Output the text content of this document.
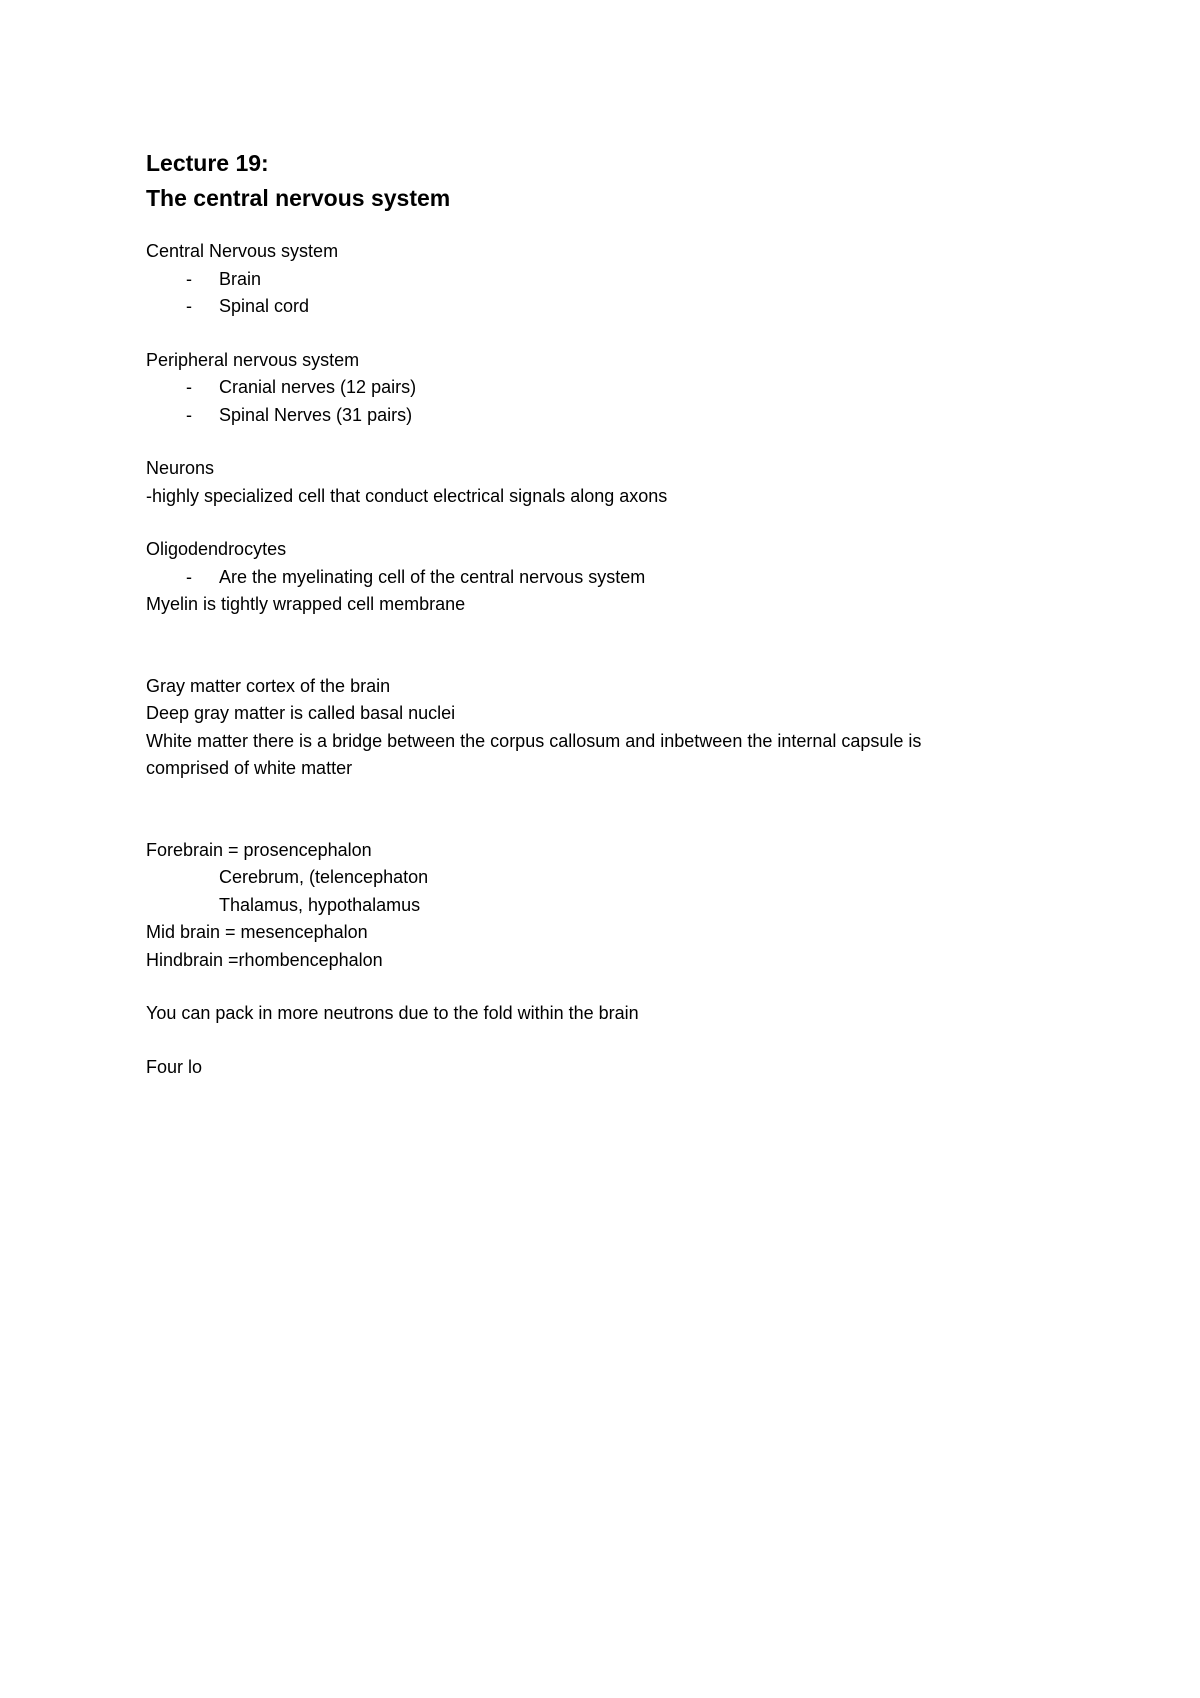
Lecture 19:

The central nervous system

Central Nervous system

-	Brain
-	Spinal cord

Peripheral nervous system

-	Cranial nerves (12 pairs)
-	Spinal Nerves (31 pairs)

Neurons

-highly specialized cell that conduct electrical signals along axons

Oligodendrocytes

-	Are the myelinating cell of the central nervous system

Myelin is tightly wrapped cell membrane

Gray matter cortex of the brain

Deep gray matter is called basal nuclei

White matter there is a bridge between the corpus callosum and inbetween the internal capsule is

comprised of white matter

Forebrain = prosencephalon

Cerebrum, (telencephaton

Thalamus, hypothalamus

Mid brain = mesencephalon

Hindbrain =rhombencephalon

You can pack in more neutrons due to the fold within the brain

Four lo
